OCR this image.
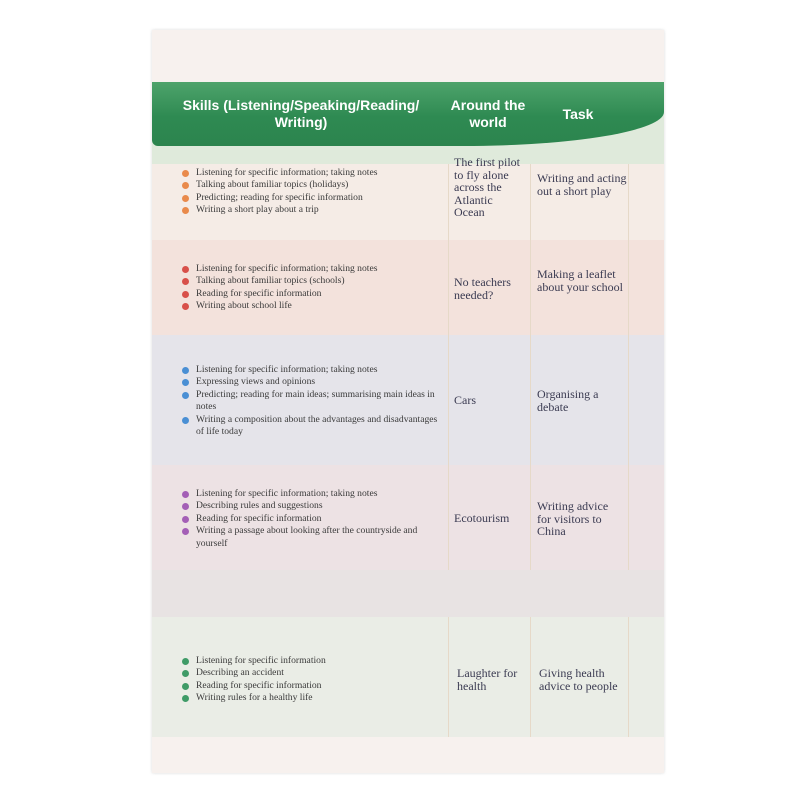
Skills (Listening/Speaking/Reading/ Writing)
Around the world
Task
Listening for specific information; taking notes
Talking about familiar topics (holidays)
Predicting; reading for specific information
Writing a short play about a trip
The first pilot to fly alone across the Atlantic Ocean
Writing and acting out a short play
Listening for specific information; taking notes
Talking about familiar topics (schools)
Reading for specific information
Writing about school life
No teachers needed?
Making a leaflet about your school
Listening for specific information; taking notes
Expressing views and opinions
Predicting; reading for main ideas; summarising main ideas in notes
Writing a composition about the advantages and disadvantages of life today
Cars	Organising a debate
Listening for specific information; taking notes
Describing rules and suggestions
Reading for specific information
Writing a passage about looking after the countryside and yourself
Ecotourism
Writing advice for visitors to China
Listening for specific information
Describing an accident
Reading for specific information
Writing rules for a healthy life
Laughter for health
Giving health advice to people
